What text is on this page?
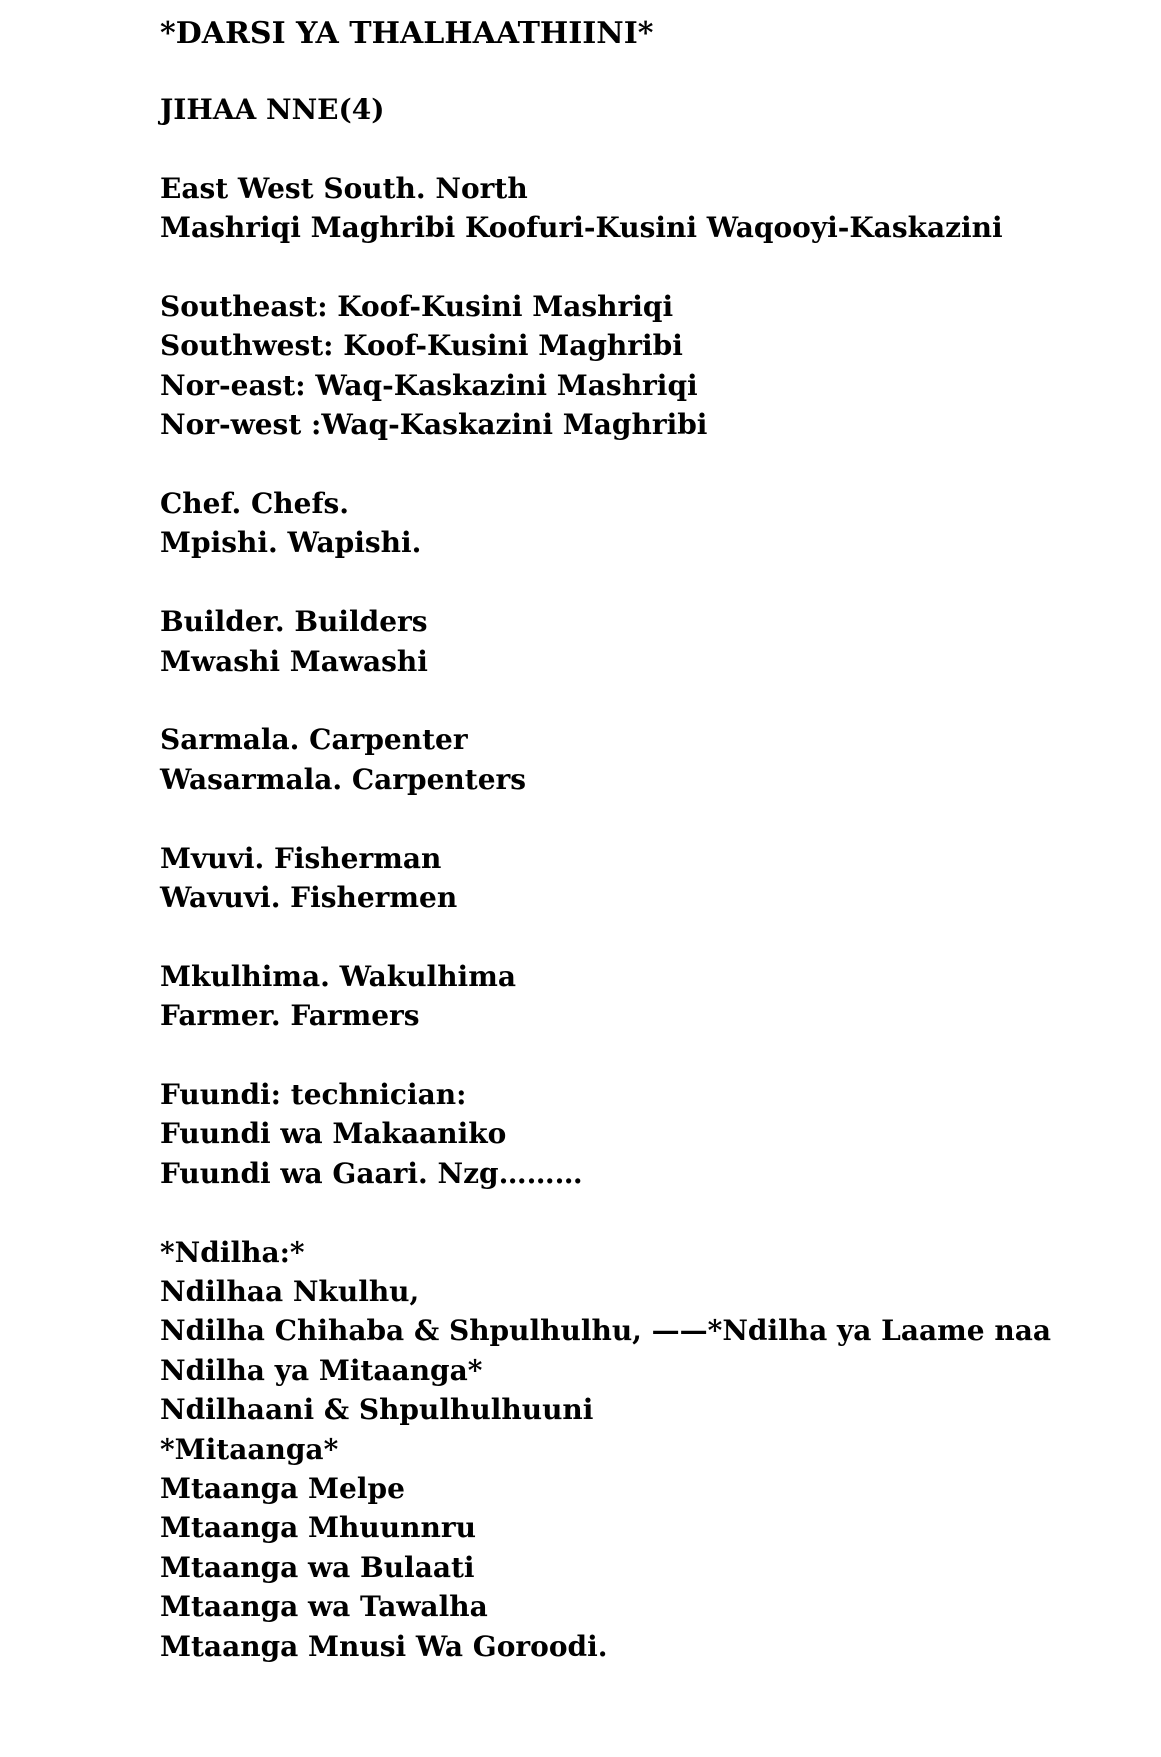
*DARSI YA THALHAATHIINI*
JIHAA NNE(4)
East West South. North
Mashriqi Maghribi Koofuri-Kusini Waqooyi-Kaskazini
Southeast: Koof-Kusini Mashriqi
Southwest: Koof-Kusini Maghribi
Nor-east: Waq-Kaskazini Mashriqi
Nor-west :Waq-Kaskazini Maghribi
Chef. Chefs.
Mpishi. Wapishi.
Builder. Builders
Mwashi Mawashi
Sarmala. Carpenter
Wasarmala. Carpenters
Mvuvi. Fisherman
Wavuvi. Fishermen
Mkulhima. Wakulhima
Farmer. Farmers
Fuundi: technician:
Fuundi wa Makaaniko
Fuundi wa Gaari. Nzg………
*Ndilha:*
Ndilhaa Nkulhu,
Ndilha Chihaba & Shpulhulhu, ——*Ndilha ya Laame naa Ndilha ya Mitaanga*
Ndilhaani & Shpulhulhuuni
*Mitaanga*
Mtaanga Melpe
Mtaanga Mhuunnru
Mtaanga wa Bulaati
Mtaanga wa Tawalha
Mtaanga Mnusi Wa Goroodi.
